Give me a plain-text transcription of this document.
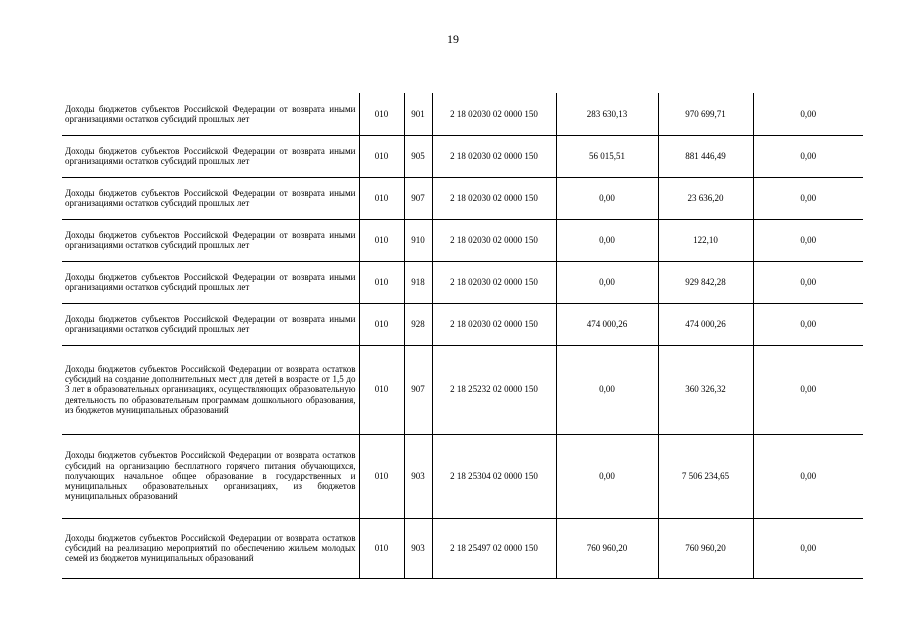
19
Доходы бюджетов субъектов Российской Федерации от возврата иными организациями остатков субсидий прошлых лет	010	901	2 18 02030 02 0000 150	283 630,13	970 699,71	0,00
Доходы бюджетов субъектов Российской Федерации от возврата иными организациями остатков субсидий прошлых лет	010	905	2 18 02030 02 0000 150	56 015,51	881 446,49	0,00
Доходы бюджетов субъектов Российской Федерации от возврата иными организациями остатков субсидий прошлых лет	010	907	2 18 02030 02 0000 150	0,00	23 636,20	0,00
Доходы бюджетов субъектов Российской Федерации от возврата иными организациями остатков субсидий прошлых лет	010	910	2 18 02030 02 0000 150	0,00	122,10	0,00
Доходы бюджетов субъектов Российской Федерации от возврата иными организациями остатков субсидий прошлых лет	010	918	2 18 02030 02 0000 150	0,00	929 842,28	0,00
Доходы бюджетов субъектов Российской Федерации от возврата иными организациями остатков субсидий прошлых лет	010	928	2 18 02030 02 0000 150	474 000,26	474 000,26	0,00
Доходы бюджетов субъектов Российской Федерации от возврата остатков субсидий на создание дополнительных мест для детей в возрасте от 1,5 до 3 лет в образовательных организациях, осуществляющих образовательную деятельность по образовательным программам дошкольного образования, из бюджетов муниципальных образований	010	907	2 18 25232 02 0000 150	0,00	360 326,32	0,00
Доходы бюджетов субъектов Российской Федерации от возврата остатков субсидий на организацию бесплатного горячего питания обучающихся, получающих начальное общее образование в государственных и муниципальных образовательных организациях, из бюджетов муниципальных образований	010	903	2 18 25304 02 0000 150	0,00	7 506 234,65	0,00
Доходы бюджетов субъектов Российской Федерации от возврата остатков субсидий на реализацию мероприятий по обеспечению жильем молодых семей из бюджетов муниципальных образований	010	903	2 18 25497 02 0000 150	760 960,20	760 960,20	0,00
